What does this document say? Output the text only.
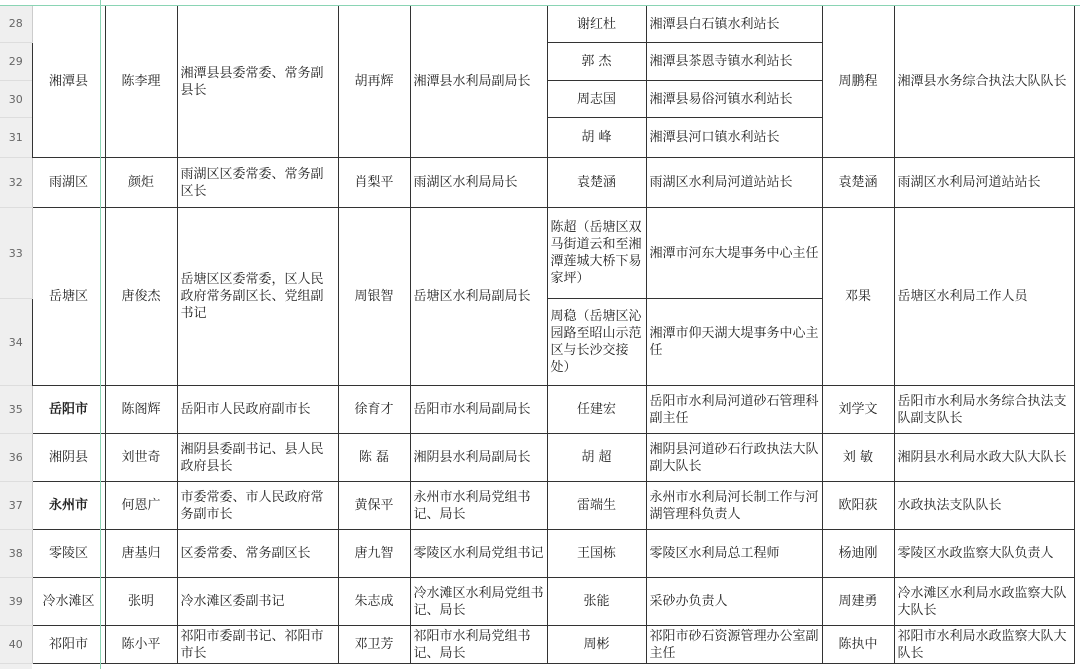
28	湘潭县	陈李理	湘潭县县委常委、常务副县长	胡再辉	湘潭县水利局副局长	谢红杜	湘潭县白石镇水利站长	周鹏程	湘潭县水务综合执法大队队长
29						郭 杰	湘潭县茶恩寺镇水利站长		
30						周志国	湘潭县易俗河镇水利站长		
31						胡 峰	湘潭县河口镇水利站长		
32	雨湖区	颜炬	雨湖区区委常委、常务副区长	肖梨平	雨湖区水利局局长	袁楚涵	雨湖区水利局河道站站长	袁楚涵	雨湖区水利局河道站站长
33	岳塘区	唐俊杰	岳塘区区委常委，区人民政府常务副区长、党组副书记	周银智	岳塘区水利局副局长	陈超（岳塘区双马街道云和至湘潭莲城大桥下易家坪）	湘潭市河东大堤事务中心主任	邓果	岳塘区水利局工作人员
34						周稳（岳塘区沁园路至昭山示范区与长沙交接处）	湘潭市仰天湖大堤事务中心主任		
35	岳阳市	陈阁辉	岳阳市人民政府副市长	徐育才	岳阳市水利局副局长	任建宏	岳阳市水利局河道砂石管理科副主任	刘学文	岳阳市水利局水务综合执法支队副支队长
36	湘阴县	刘世奇	湘阴县委副书记、县人民政府县长	陈 磊	湘阴县水利局副局长	胡 超	湘阴县河道砂石行政执法大队副大队长	刘 敏	湘阴县水利局水政大队大队长
37	永州市	何恩广	市委常委、市人民政府常务副市长	黄保平	永州市水利局党组书记、局长	雷端生	永州市水利局河长制工作与河湖管理科负责人	欧阳荻	水政执法支队队长
38	零陵区	唐基归	区委常委、常务副区长	唐九智	零陵区水利局党组书记	王国栋	零陵区水利局总工程师	杨迪刚	零陵区水政监察大队负责人
39	冷水滩区	张明	冷水滩区委副书记	朱志成	冷水滩区水利局党组书记、局长	张能	采砂办负责人	周建勇	冷水滩区水利局水政监察大队大队长
40	祁阳市	陈小平	祁阳市委副书记、祁阳市市长	邓卫芳	祁阳市水利局党组书记、局长	周彬	祁阳市砂石资源管理办公室副主任	陈执中	祁阳市水利局水政监察大队大队长
